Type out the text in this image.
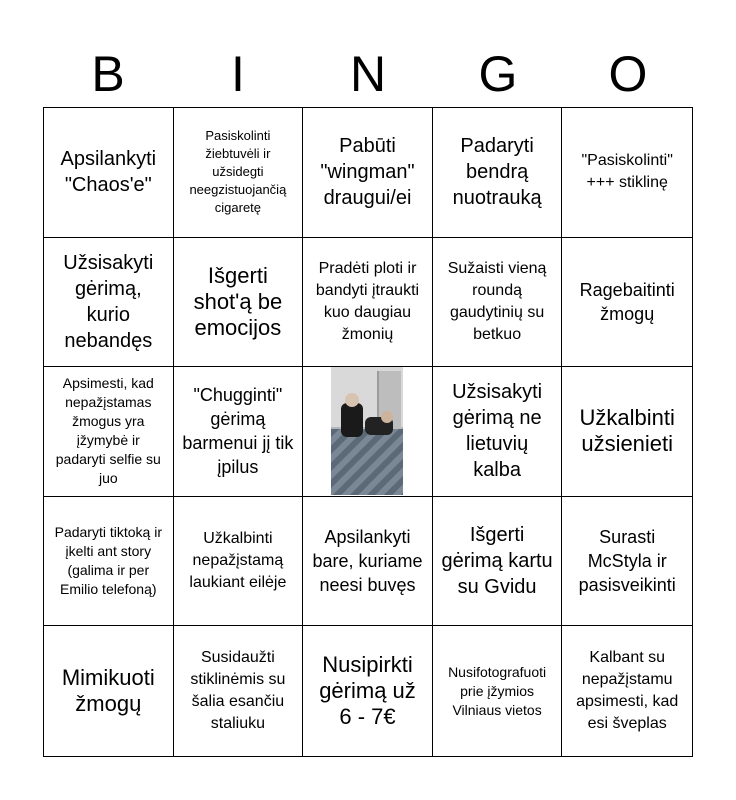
B	I	N	G	O
Apsilankyti "Chaos'e"
Pasiskolinti žiebtuvėli ir užsidegti neegzistuojančią cigaretę
Pabūti "wingman" draugui/ei
Padaryti bendrą nuotrauką
"Pasiskolinti" +++ stiklinę
Užsisakyti gėrimą, kurio nebandęs
Išgerti shot'ą be emocijos
Pradėti ploti ir bandyti įtraukti kuo daugiau žmonių
Sužaisti vieną roundą gaudytinių su betkuo
Ragebaitinti žmogų
Apsimesti, kad nepažįstamas žmogus yra įžymybė ir padaryti selfie su juo
"Chugginti" gėrimą barmenui jį tik įpilus
Užsisakyti gėrimą ne lietuvių kalba
Užkalbinti užsienieti
Padaryti tiktoką ir įkelti ant story (galima ir per Emilio telefoną)
Užkalbinti nepažįstamą laukiant eilėje
Apsilankyti bare, kuriame neesi buvęs
Išgerti gėrimą kartu su Gvidu
Surasti McStyla ir pasisveikinti
Mimikuoti žmogų
Susidaužti stiklinėmis su šalia esančiu staliuku
Nusipirkti gėrimą už 6 - 7€
Nusifotografuoti prie įžymios Vilniaus vietos
Kalbant su nepažįstamu apsimesti, kad esi šveplas
